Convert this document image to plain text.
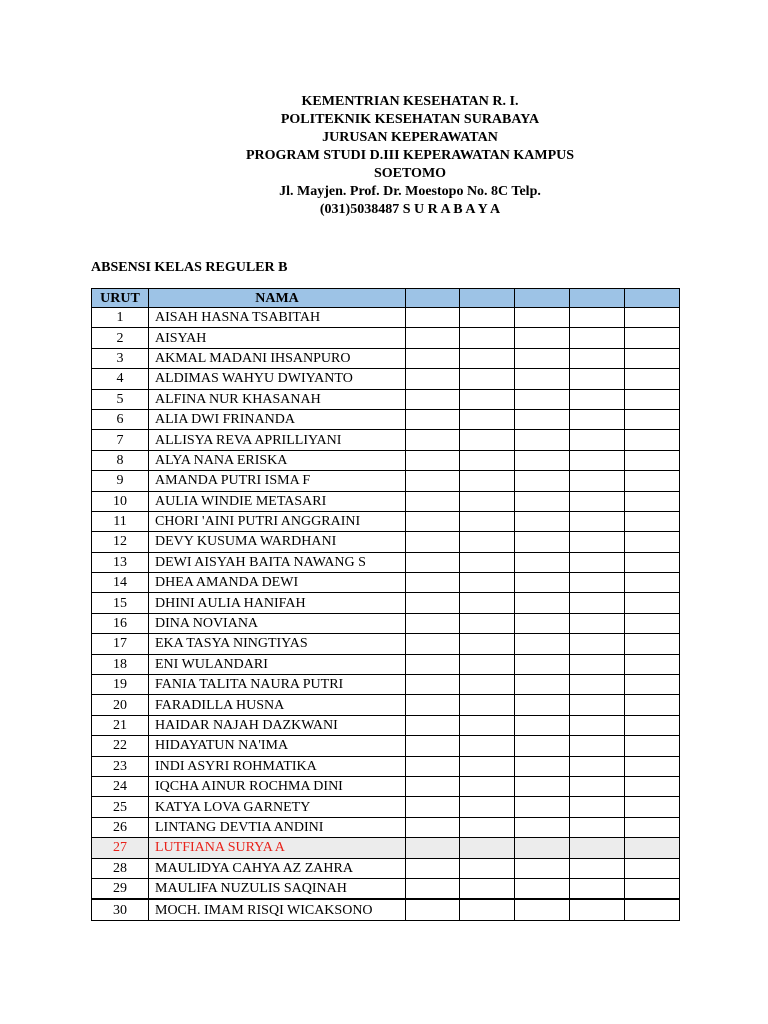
KEMENTRIAN KESEHATAN R. I.
POLITEKNIK KESEHATAN SURABAYA
JURUSAN KEPERAWATAN
PROGRAM STUDI D.III KEPERAWATAN KAMPUS
SOETOMO
Jl. Mayjen. Prof. Dr. Moestopo No. 8C Telp.
(031)5038487 S U R A B A Y A
ABSENSI KELAS REGULER B
URUT	NAMA					
1	AISAH HASNA TSABITAH					
2	AISYAH					
3	AKMAL MADANI IHSANPURO					
4	ALDIMAS WAHYU DWIYANTO					
5	ALFINA NUR KHASANAH					
6	ALIA DWI FRINANDA					
7	ALLISYA REVA APRILLIYANI					
8	ALYA NANA ERISKA					
9	AMANDA PUTRI ISMA F					
10	AULIA WINDIE METASARI					
11	CHORI 'AINI PUTRI ANGGRAINI					
12	DEVY KUSUMA WARDHANI					
13	DEWI AISYAH BAITA NAWANG S					
14	DHEA AMANDA DEWI					
15	DHINI AULIA HANIFAH					
16	DINA NOVIANA					
17	EKA TASYA NINGTIYAS					
18	ENI WULANDARI					
19	FANIA TALITA NAURA PUTRI					
20	FARADILLA HUSNA					
21	HAIDAR NAJAH DAZKWANI					
22	HIDAYATUN NA'IMA					
23	INDI ASYRI ROHMATIKA					
24	IQCHA AINUR ROCHMA DINI					
25	KATYA LOVA GARNETY					
26	LINTANG DEVTIA ANDINI					
27	LUTFIANA SURYA A					
28	MAULIDYA CAHYA AZ ZAHRA					
29	MAULIFA NUZULIS SAQINAH					
30	MOCH. IMAM RISQI WICAKSONO					
